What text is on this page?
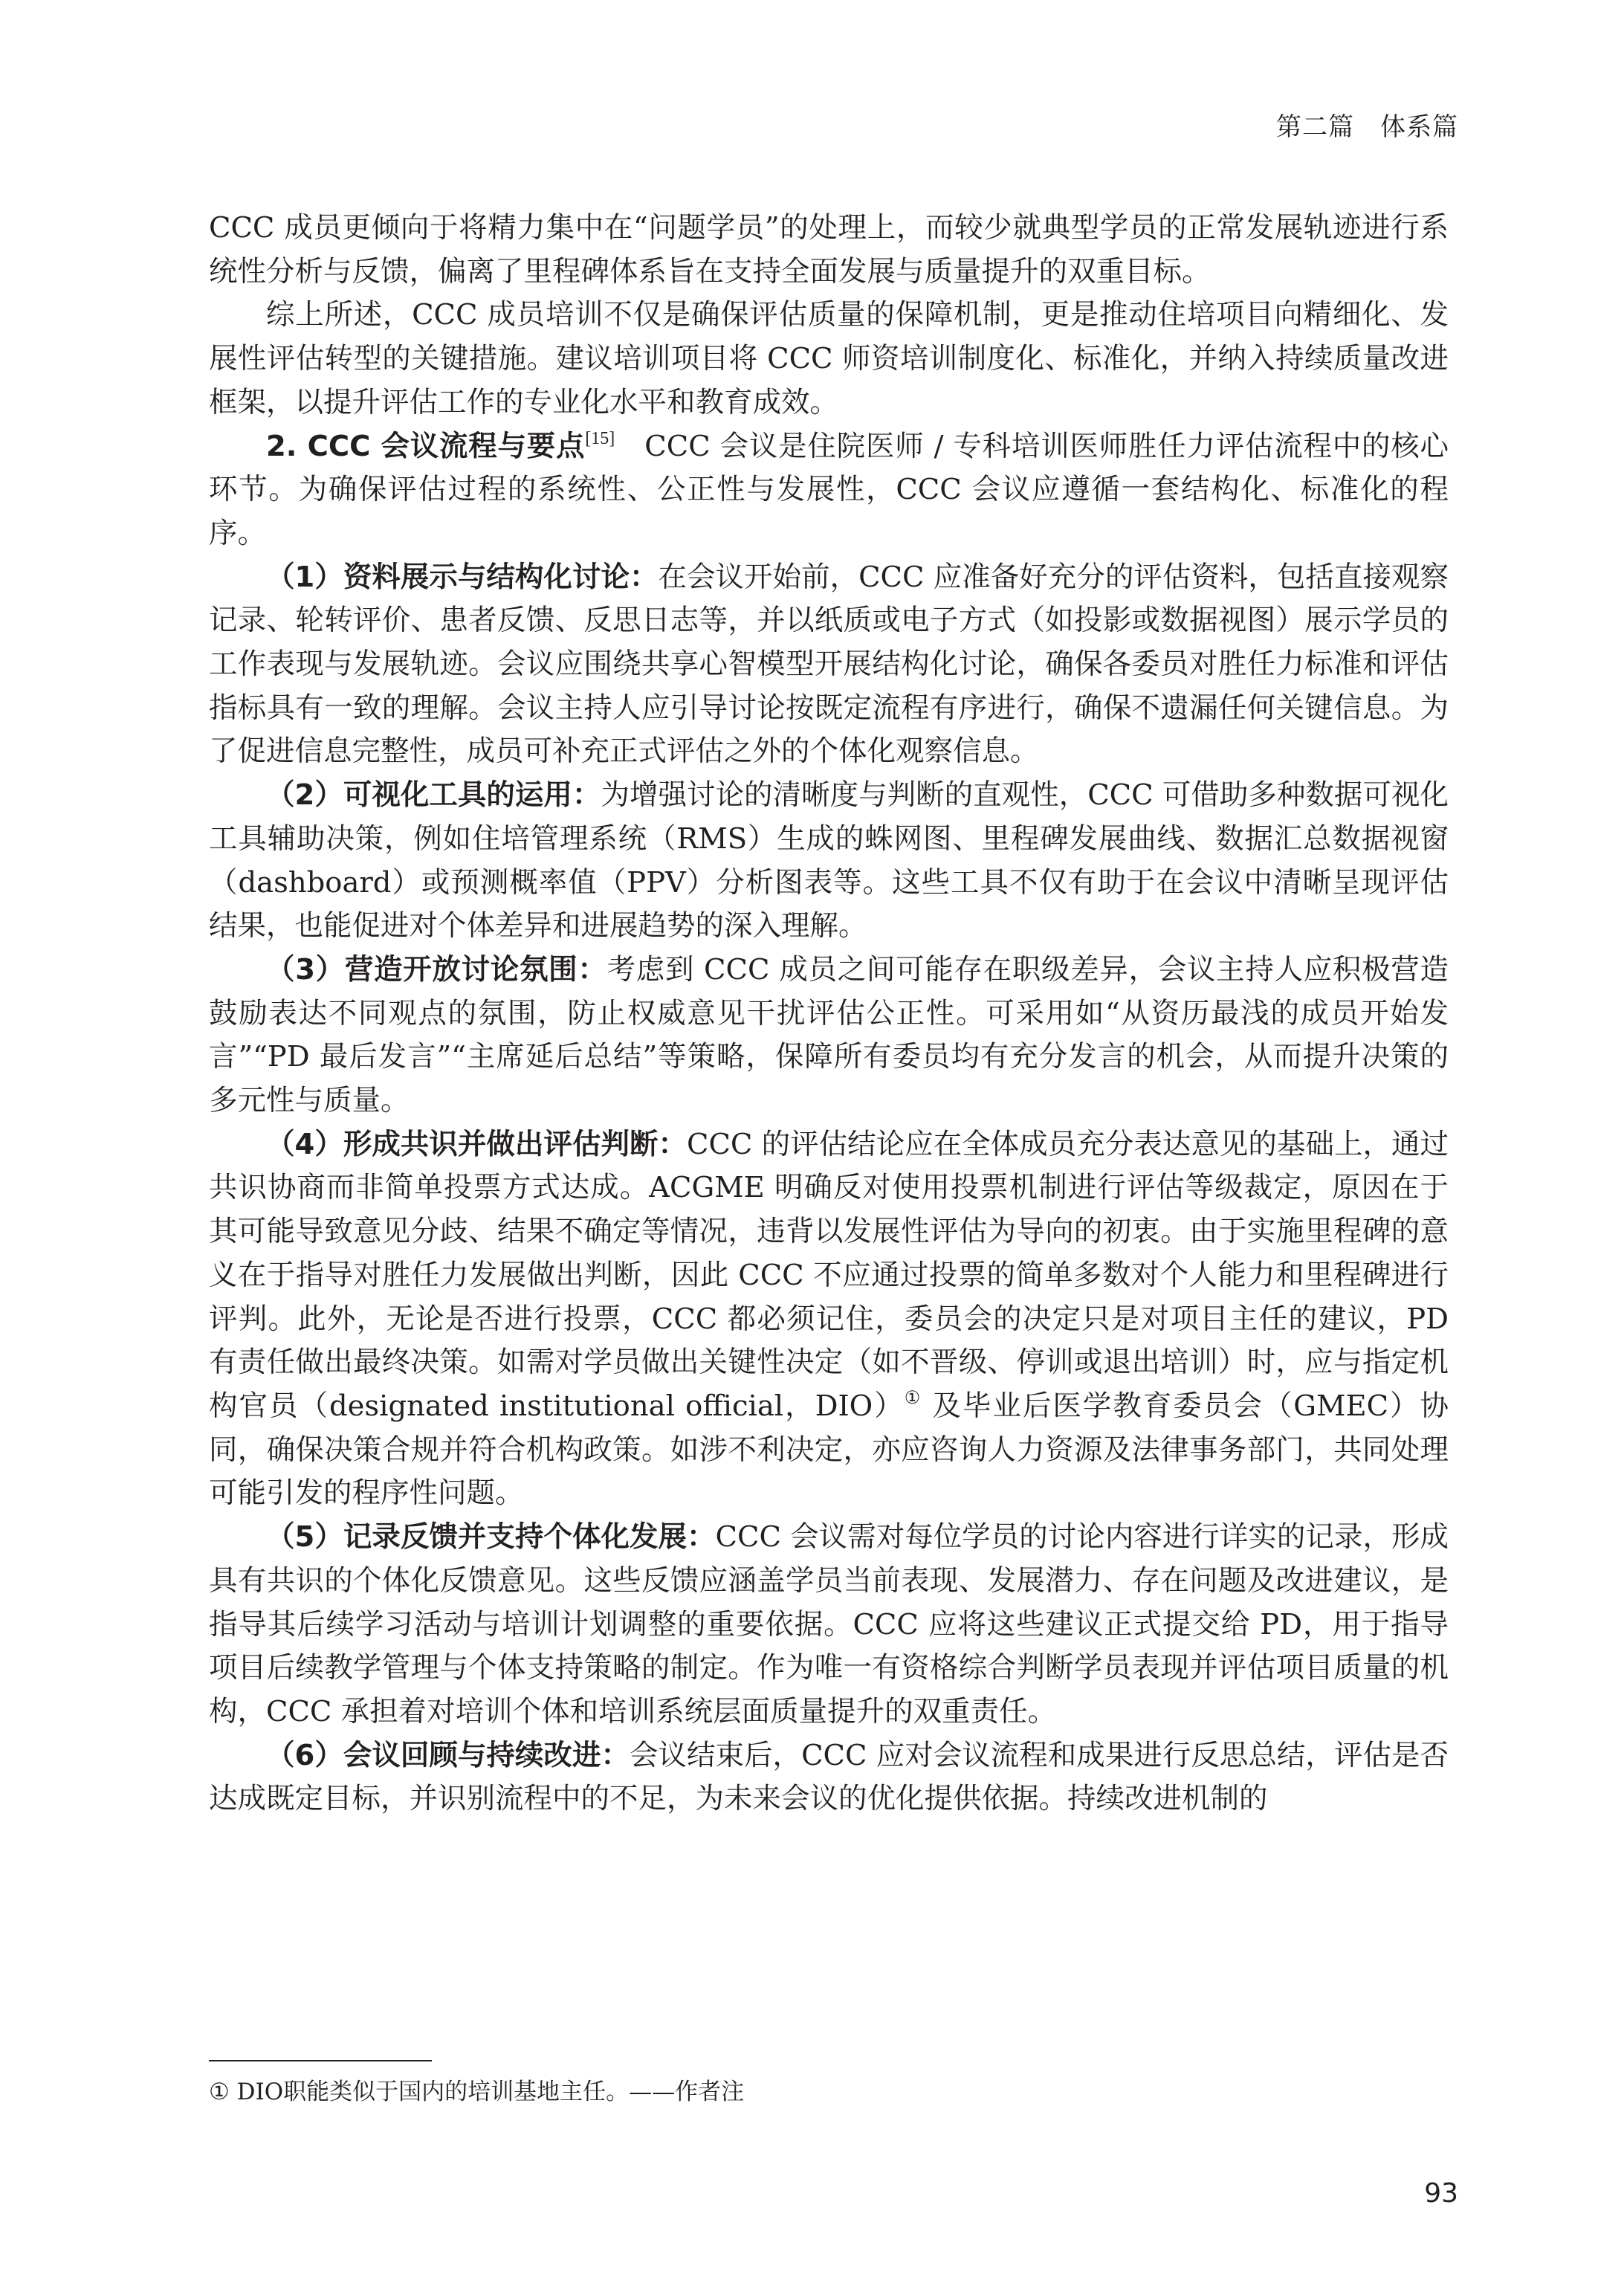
第二篇　体系篇

CCC 成员更倾向于将精力集中在“问题学员”的处理上，而较少就典型学员的正常发展轨迹进行系统性分析与反馈，偏离了里程碑体系旨在支持全面发展与质量提升的双重目标。

综上所述，CCC 成员培训不仅是确保评估质量的保障机制，更是推动住培项目向精细化、发展性评估转型的关键措施。建议培训项目将 CCC 师资培训制度化、标准化，并纳入持续质量改进框架，以提升评估工作的专业化水平和教育成效。

2. CCC 会议流程与要点[15]　CCC 会议是住院医师 / 专科培训医师胜任力评估流程中的核心环节。为确保评估过程的系统性、公正性与发展性，CCC 会议应遵循一套结构化、标准化的程序。

（1）资料展示与结构化讨论：在会议开始前，CCC 应准备好充分的评估资料，包括直接观察记录、轮转评价、患者反馈、反思日志等，并以纸质或电子方式（如投影或数据视图）展示学员的工作表现与发展轨迹。会议应围绕共享心智模型开展结构化讨论，确保各委员对胜任力标准和评估指标具有一致的理解。会议主持人应引导讨论按既定流程有序进行，确保不遗漏任何关键信息。为了促进信息完整性，成员可补充正式评估之外的个体化观察信息。

（2）可视化工具的运用：为增强讨论的清晰度与判断的直观性，CCC 可借助多种数据可视化工具辅助决策，例如住培管理系统（RMS）生成的蛛网图、里程碑发展曲线、数据汇总数据视窗（dashboard）或预测概率值（PPV）分析图表等。这些工具不仅有助于在会议中清晰呈现评估结果，也能促进对个体差异和进展趋势的深入理解。

（3）营造开放讨论氛围：考虑到 CCC 成员之间可能存在职级差异，会议主持人应积极营造鼓励表达不同观点的氛围，防止权威意见干扰评估公正性。可采用如“从资历最浅的成员开始发言”“PD 最后发言”“主席延后总结”等策略，保障所有委员均有充分发言的机会，从而提升决策的多元性与质量。

（4）形成共识并做出评估判断：CCC 的评估结论应在全体成员充分表达意见的基础上，通过共识协商而非简单投票方式达成。ACGME 明确反对使用投票机制进行评估等级裁定，原因在于其可能导致意见分歧、结果不确定等情况，违背以发展性评估为导向的初衷。由于实施里程碑的意义在于指导对胜任力发展做出判断，因此 CCC 不应通过投票的简单多数对个人能力和里程碑进行评判。此外，无论是否进行投票，CCC 都必须记住，委员会的决定只是对项目主任的建议，PD 有责任做出最终决策。如需对学员做出关键性决定（如不晋级、停训或退出培训）时，应与指定机构官员（designated institutional official，DIO）① 及毕业后医学教育委员会（GMEC）协同，确保决策合规并符合机构政策。如涉不利决定，亦应咨询人力资源及法律事务部门，共同处理可能引发的程序性问题。

（5）记录反馈并支持个体化发展：CCC 会议需对每位学员的讨论内容进行详实的记录，形成具有共识的个体化反馈意见。这些反馈应涵盖学员当前表现、发展潜力、存在问题及改进建议，是指导其后续学习活动与培训计划调整的重要依据。CCC 应将这些建议正式提交给 PD，用于指导项目后续教学管理与个体支持策略的制定。作为唯一有资格综合判断学员表现并评估项目质量的机构，CCC 承担着对培训个体和培训系统层面质量提升的双重责任。

（6）会议回顾与持续改进：会议结束后，CCC 应对会议流程和成果进行反思总结，评估是否达成既定目标，并识别流程中的不足，为未来会议的优化提供依据。持续改进机制的

① DIO职能类似于国内的培训基地主任。——作者注
93
